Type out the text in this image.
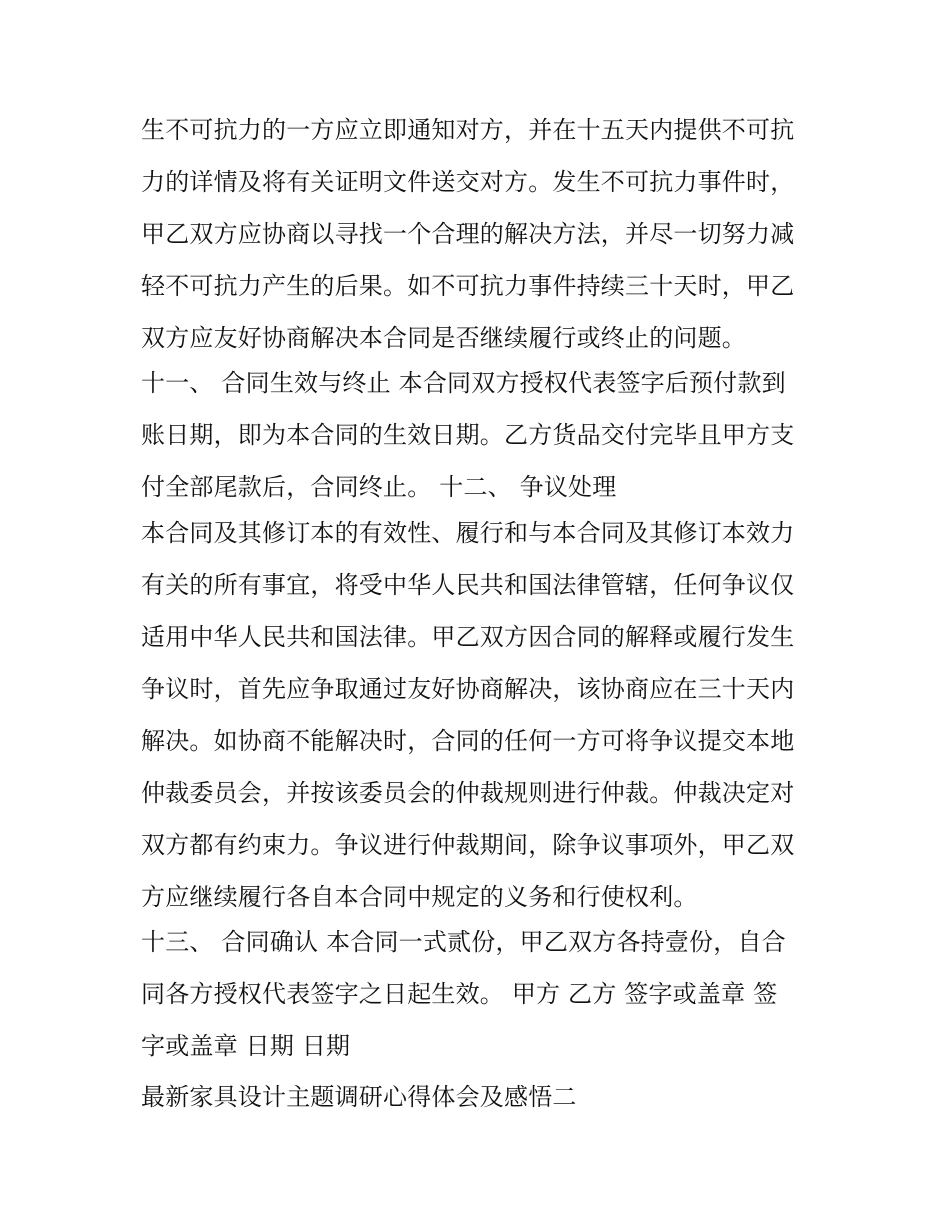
生不可抗力的一方应立即通知对方，并在十五天内提供不可抗
力的详情及将有关证明文件送交对方。发生不可抗力事件时，
甲乙双方应协商以寻找一个合理的解决方法，并尽一切努力减
轻不可抗力产生的后果。如不可抗力事件持续三十天时，甲乙
双方应友好协商解决本合同是否继续履行或终止的问题。
十一、 合同生效与终止 本合同双方授权代表签字后预付款到
账日期，即为本合同的生效日期。乙方货品交付完毕且甲方支
付全部尾款后，合同终止。 十二、 争议处理
本合同及其修订本的有效性、履行和与本合同及其修订本效力
有关的所有事宜，将受中华人民共和国法律管辖，任何争议仅
适用中华人民共和国法律。甲乙双方因合同的解释或履行发生
争议时，首先应争取通过友好协商解决，该协商应在三十天内
解决。如协商不能解决时，合同的任何一方可将争议提交本地
仲裁委员会，并按该委员会的仲裁规则进行仲裁。仲裁决定对
双方都有约束力。争议进行仲裁期间，除争议事项外，甲乙双
方应继续履行各自本合同中规定的义务和行使权利。
十三、 合同确认 本合同一式贰份，甲乙双方各持壹份，自合
同各方授权代表签字之日起生效。 甲方 乙方 签字或盖章 签
字或盖章 日期 日期
最新家具设计主题调研心得体会及感悟二
